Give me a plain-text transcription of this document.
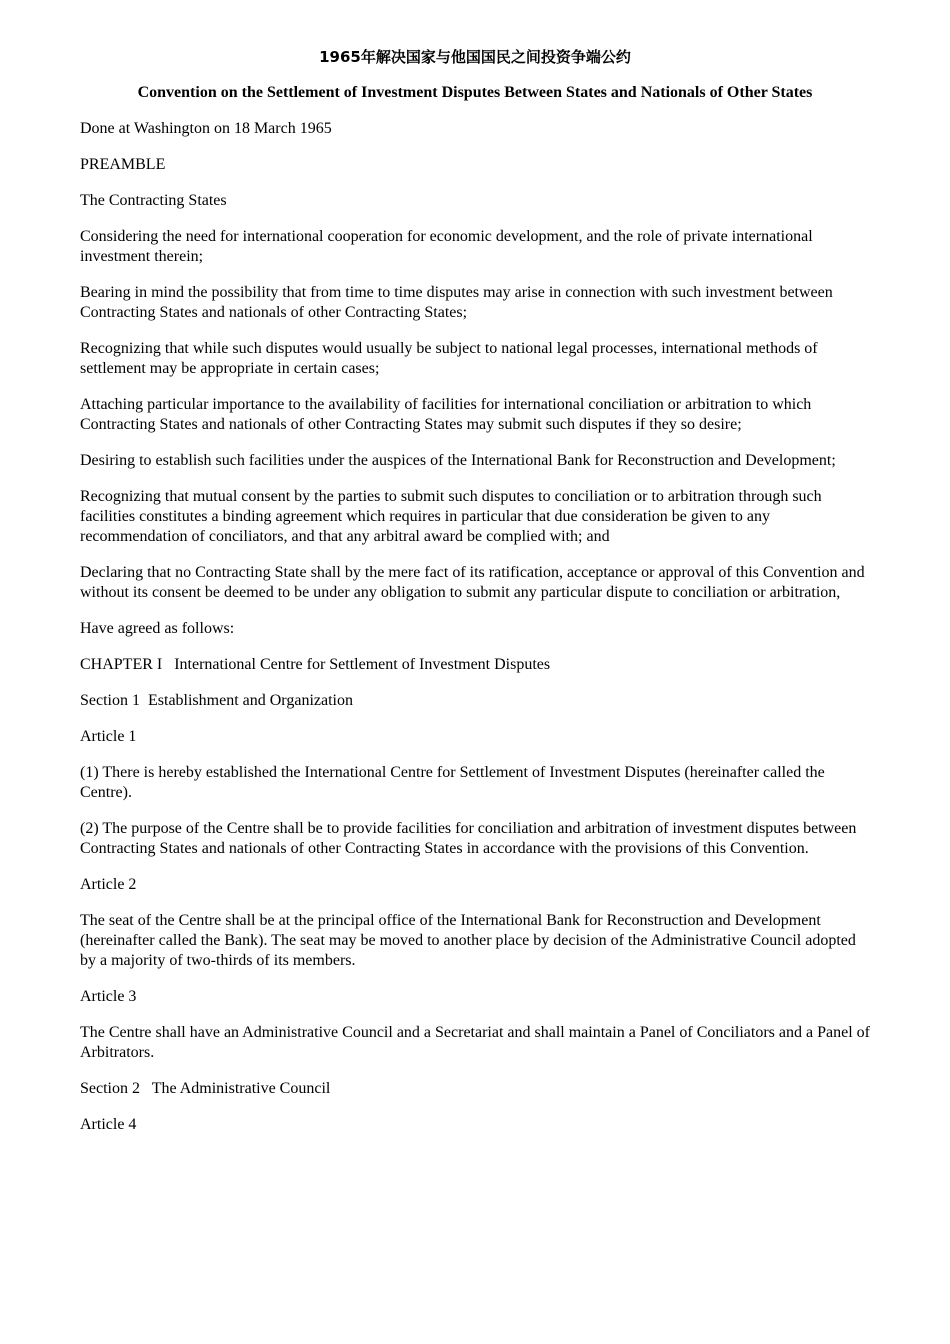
1965年解决国家与他国国民之间投资争端公约

Convention on the Settlement of Investment Disputes Between States and Nationals of Other States

Done at Washington on 18 March 1965

PREAMBLE

The Contracting States

Considering the need for international cooperation for economic development, and the role of private international investment therein;

Bearing in mind the possibility that from time to time disputes may arise in connection with such investment between Contracting States and nationals of other Contracting States;

Recognizing that while such disputes would usually be subject to national legal processes, international methods of settlement may be appropriate in certain cases;

Attaching particular importance to the availability of facilities for international conciliation or arbitration to which Contracting States and nationals of other Contracting States may submit such disputes if they so desire;

Desiring to establish such facilities under the auspices of the International Bank for Reconstruction and Development;

Recognizing that mutual consent by the parties to submit such disputes to conciliation or to arbitration through such facilities constitutes a binding agreement which requires in particular that due consideration be given to any recommendation of conciliators, and that any arbitral award be complied with; and

Declaring that no Contracting State shall by the mere fact of its ratification, acceptance or approval of this Convention and without its consent be deemed to be under any obligation to submit any particular dispute to conciliation or arbitration,

Have agreed as follows:

CHAPTER I   International Centre for Settlement of Investment Disputes

Section 1  Establishment and Organization

Article 1

(1) There is hereby established the International Centre for Settlement of Investment Disputes (hereinafter called the Centre).

(2) The purpose of the Centre shall be to provide facilities for conciliation and arbitration of investment disputes between Contracting States and nationals of other Contracting States in accordance with the provisions of this Convention.

Article 2

The seat of the Centre shall be at the principal office of the International Bank for Reconstruction and Development (hereinafter called the Bank). The seat may be moved to another place by decision of the Administrative Council adopted by a majority of two-thirds of its members.

Article 3

The Centre shall have an Administrative Council and a Secretariat and shall maintain a Panel of Conciliators and a Panel of Arbitrators.

Section 2   The Administrative Council

Article 4
